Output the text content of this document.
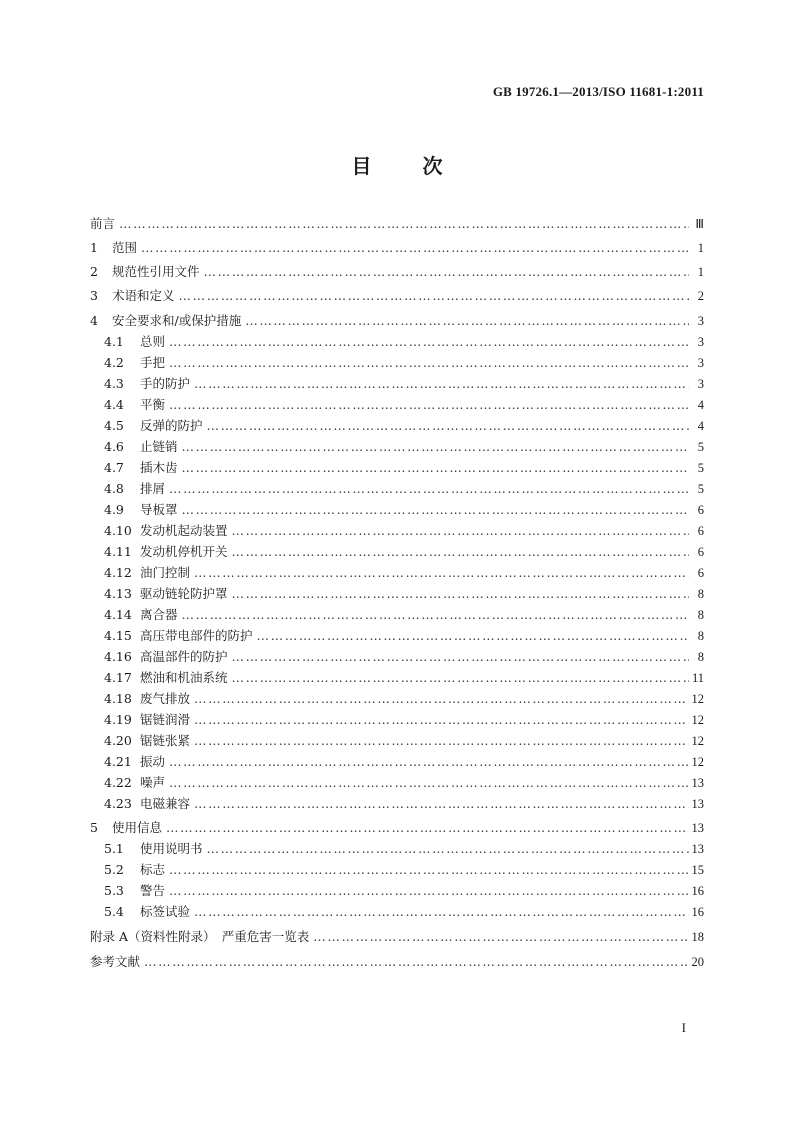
GB 19726.1—2013/ISO 11681-1:2011
目	次
前言 ……………………………………………………………………………………………………………………………………………………………………………………………	Ⅲ
1	范围 ……………………………………………………………………………………………………………………………………………………………………………………………	1
2	规范性引用文件 ……………………………………………………………………………………………………………………………………………………………………………………………	1
3	术语和定义 ……………………………………………………………………………………………………………………………………………………………………………………………	2
4	安全要求和/或保护措施 ……………………………………………………………………………………………………………………………………………………………………………………………	3
4.1	总则 ……………………………………………………………………………………………………………………………………………………………………………………………	3
4.2	手把 ……………………………………………………………………………………………………………………………………………………………………………………………	3
4.3	手的防护 ……………………………………………………………………………………………………………………………………………………………………………………………	3
4.4	平衡 ……………………………………………………………………………………………………………………………………………………………………………………………	4
4.5	反弹的防护 ……………………………………………………………………………………………………………………………………………………………………………………………	4
4.6	止链销 ……………………………………………………………………………………………………………………………………………………………………………………………	5
4.7	插木齿 ……………………………………………………………………………………………………………………………………………………………………………………………	5
4.8	排屑 ……………………………………………………………………………………………………………………………………………………………………………………………	5
4.9	导板罩 ……………………………………………………………………………………………………………………………………………………………………………………………	6
4.10 发动机起动装置 ……………………………………………………………………………………………………………………………………………………………………………………………	6
4.11 发动机停机开关 ……………………………………………………………………………………………………………………………………………………………………………………………	6
4.12 油门控制 ……………………………………………………………………………………………………………………………………………………………………………………………	6
4.13 驱动链轮防护罩 ……………………………………………………………………………………………………………………………………………………………………………………………	8
4.14 离合器 ……………………………………………………………………………………………………………………………………………………………………………………………	8
4.15 高压带电部件的防护 ……………………………………………………………………………………………………………………………………………………………………………………………	8
4.16 高温部件的防护 ……………………………………………………………………………………………………………………………………………………………………………………………	8
4.17 燃油和机油系统 ……………………………………………………………………………………………………………………………………………………………………………………………	11
4.18 废气排放 ……………………………………………………………………………………………………………………………………………………………………………………………	12
4.19 锯链润滑 ……………………………………………………………………………………………………………………………………………………………………………………………	12
4.20 锯链张紧 ……………………………………………………………………………………………………………………………………………………………………………………………	12
4.21 振动 ……………………………………………………………………………………………………………………………………………………………………………………………	12
4.22 噪声 ……………………………………………………………………………………………………………………………………………………………………………………………	13
4.23 电磁兼容 ……………………………………………………………………………………………………………………………………………………………………………………………	13
5	使用信息 ……………………………………………………………………………………………………………………………………………………………………………………………	13
5.1	使用说明书 ……………………………………………………………………………………………………………………………………………………………………………………………	13
5.2	标志 ……………………………………………………………………………………………………………………………………………………………………………………………	15
5.3	警告 ……………………………………………………………………………………………………………………………………………………………………………………………	16
5.4	标签试验 ……………………………………………………………………………………………………………………………………………………………………………………………	16
附录 A（资料性附录）　严重危害一览表 ……………………………………………………………………………………………………………………………………………………………………………………………	18
参考文献 ……………………………………………………………………………………………………………………………………………………………………………………………	20
I
